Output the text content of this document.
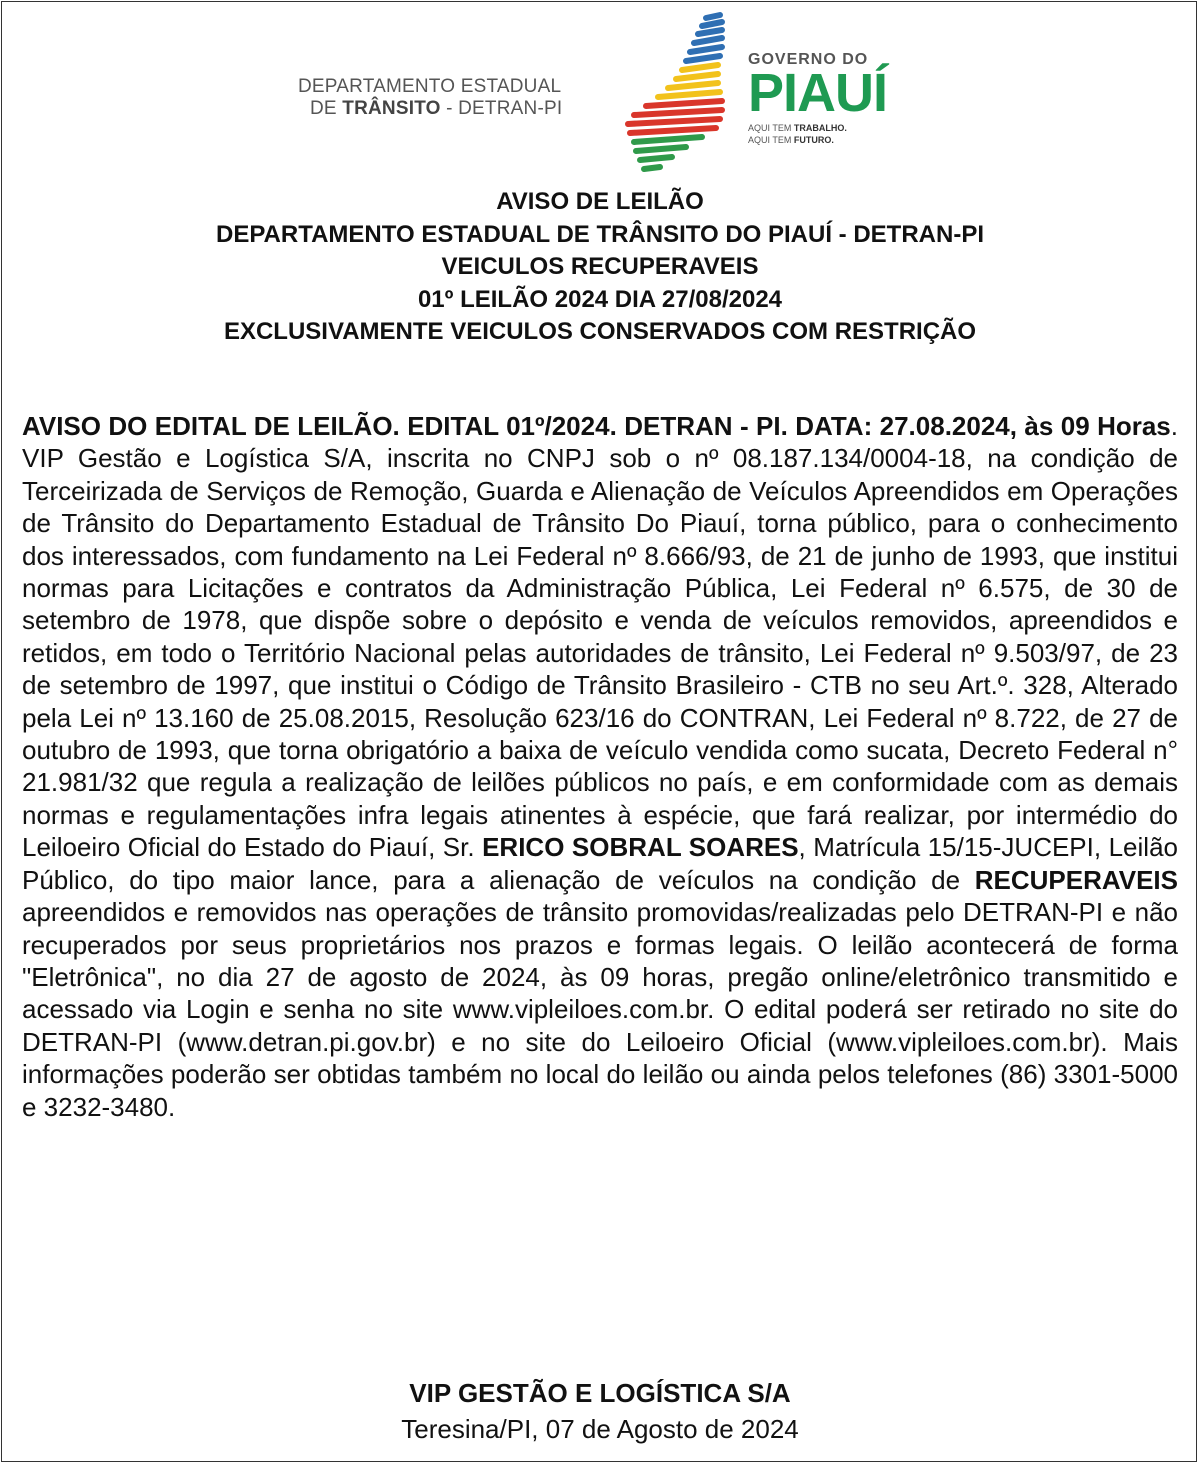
DEPARTAMENTO ESTADUAL
DE TRÂNSITO - DETRAN-PI
GOVERNO DO
PIAUÍ
AQUI TEM TRABALHO.
AQUI TEM FUTURO.
AVISO DE LEILÃO
DEPARTAMENTO ESTADUAL DE TRÂNSITO DO PIAUÍ - DETRAN-PI
VEICULOS RECUPERAVEIS
01º LEILÃO 2024 DIA 27/08/2024
EXCLUSIVAMENTE VEICULOS CONSERVADOS COM RESTRIÇÃO

AVISO DO EDITAL DE LEILÃO. EDITAL 01º/2024. DETRAN - PI. DATA: 27.08.2024, às 09 Horas. VIP Gestão e Logística S/A, inscrita no CNPJ sob o nº 08.187.134/0004-18, na condição de Terceirizada de Serviços de Remoção, Guarda e Alienação de Veículos Apreendidos em Operações de Trânsito do Departamento Estadual de Trânsito Do Piauí, torna público, para o conhecimento dos interessados, com fundamento na Lei Federal nº 8.666/93, de 21 de junho de 1993, que institui normas para Licitações e contratos da Administração Pública, Lei Federal nº 6.575, de 30 de setembro de 1978, que dispõe sobre o depósito e venda de veículos removidos, apreendidos e retidos, em todo o Território Nacional pelas autoridades de trânsito, Lei Federal nº 9.503/97, de 23 de setembro de 1997, que institui o Código de Trânsito Brasileiro - CTB no seu Art.º. 328, Alterado pela Lei nº 13.160 de 25.08.2015, Resolução 623/16 do CONTRAN, Lei Federal nº 8.722, de 27 de outubro de 1993, que torna obrigatório a baixa de veículo vendida como sucata, Decreto Federal n° 21.981/32 que regula a realização de leilões públicos no país, e em conformidade com as demais normas e regulamentações infra legais atinentes à espécie, que fará realizar, por intermédio do Leiloeiro Oficial do Estado do Piauí, Sr. ERICO SOBRAL SOARES, Matrícula 15/15-JUCEPI, Leilão Público, do tipo maior lance, para a alienação de veículos na condição de RECUPERAVEIS apreendidos e removidos nas operações de trânsito promovidas/realizadas pelo DETRAN-PI e não recuperados por seus proprietários nos prazos e formas legais. O leilão acontecerá de forma "Eletrônica", no dia 27 de agosto de 2024, às 09 horas, pregão online/eletrônico transmitido e acessado via Login e senha no site www.vipleiloes.com.br. O edital poderá ser retirado no site do DETRAN-PI (www.detran.pi.gov.br) e no site do Leiloeiro Oficial (www.vipleiloes.com.br). Mais informações poderão ser obtidas também no local do leilão ou ainda pelos telefones (86) 3301-5000 e 3232-3480.

VIP GESTÃO E LOGÍSTICA S/A
Teresina/PI, 07 de Agosto de 2024
